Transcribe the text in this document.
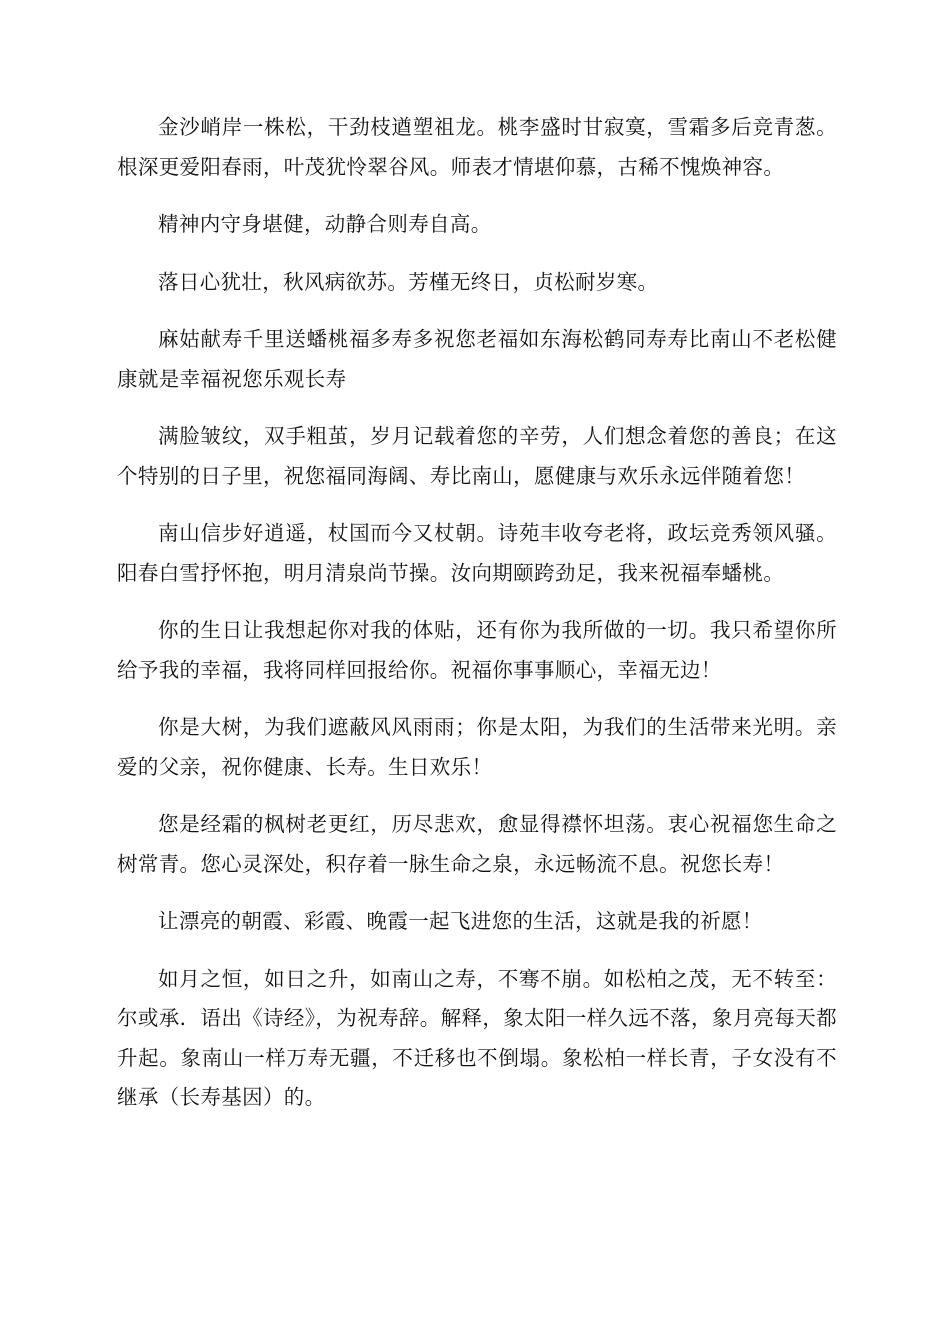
金沙峭岸一株松，干劲枝遒塑祖龙。桃李盛时甘寂寞，雪霜多后竞青葱。根深更爱阳春雨，叶茂犹怜翠谷风。师表才情堪仰慕，古稀不愧焕神容。

精神内守身堪健，动静合则寿自高。

落日心犹壮，秋风病欲苏。芳槿无终日，贞松耐岁寒。

麻姑献寿千里送蟠桃福多寿多祝您老福如东海松鹤同寿寿比南山不老松健康就是幸福祝您乐观长寿

满脸皱纹，双手粗茧，岁月记载着您的辛劳，人们想念着您的善良；在这个特别的日子里，祝您福同海阔、寿比南山，愿健康与欢乐永远伴随着您！

南山信步好逍遥，杖国而今又杖朝。诗苑丰收夸老将，政坛竞秀领风骚。阳春白雪抒怀抱，明月清泉尚节操。汝向期颐跨劲足，我来祝福奉蟠桃。

你的生日让我想起你对我的体贴，还有你为我所做的一切。我只希望你所给予我的幸福，我将同样回报给你。祝福你事事顺心，幸福无边！

你是大树，为我们遮蔽风风雨雨；你是太阳，为我们的生活带来光明。亲爱的父亲，祝你健康、长寿。生日欢乐！

您是经霜的枫树老更红，历尽悲欢，愈显得襟怀坦荡。衷心祝福您生命之树常青。您心灵深处，积存着一脉生命之泉，永远畅流不息。祝您长寿！

让漂亮的朝霞、彩霞、晚霞一起飞进您的生活，这就是我的祈愿！

如月之恒，如日之升，如南山之寿，不骞不崩。如松柏之茂，无不转至：尔或承．语出《诗经》，为祝寿辞。解释，象太阳一样久远不落，象月亮每天都升起。象南山一样万寿无疆，不迁移也不倒塌。象松柏一样长青，子女没有不继承（长寿基因）的。
